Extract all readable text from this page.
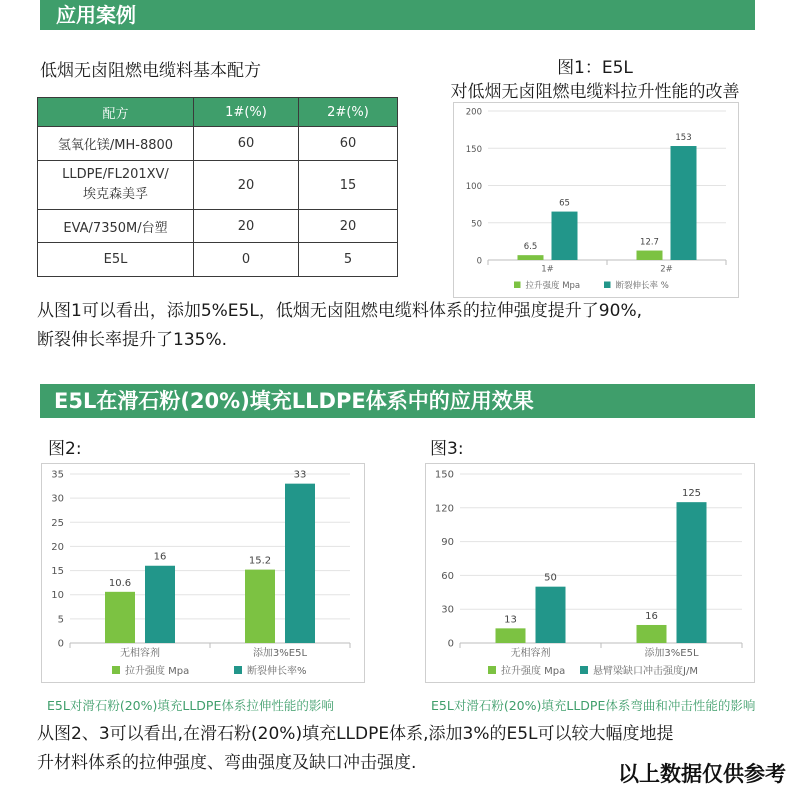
应用案例
低烟无卤阻燃电缆料基本配方
配方	1#(%)	2#(%)
氢氧化镁/MH-8800	60	60
LLDPE/FL201XV/
埃克森美孚	20	15
EVA/7350M/台塑	20	20
E5L	0	5
图1：E5L
对低烟无卤阻燃电缆料拉升性能的改善
0
50
100
150
200
6.5
65
1#
12.7
153
2#
拉升强度 Mpa	断裂伸长率 %
从图1可以看出，添加5%E5L，低烟无卤阻燃电缆料体系的拉伸强度提升了90%,
断裂伸长率提升了135%.
E5L在滑石粉(20%)填充LLDPE体系中的应用效果
图2:	图3:
0
5
10
15
20
25
30
35
10.6
16
无相容剂
15.2
33
添加3%E5L
拉升强度 Mpa	断裂伸长率%
0
30
60
90
120
150
13
50
无相容剂
16
125
添加3%E5L
拉升强度 Mpa	悬臂梁缺口冲击强度J/M
E5L对滑石粉(20%)填充LLDPE体系拉伸性能的影响	E5L对滑石粉(20%)填充LLDPE体系弯曲和冲击性能的影响
从图2、3可以看出,在滑石粉(20%)填充LLDPE体系,添加3%的E5L可以较大幅度地提
升材料体系的拉伸强度、弯曲强度及缺口冲击强度.	以上数据仅供参考
